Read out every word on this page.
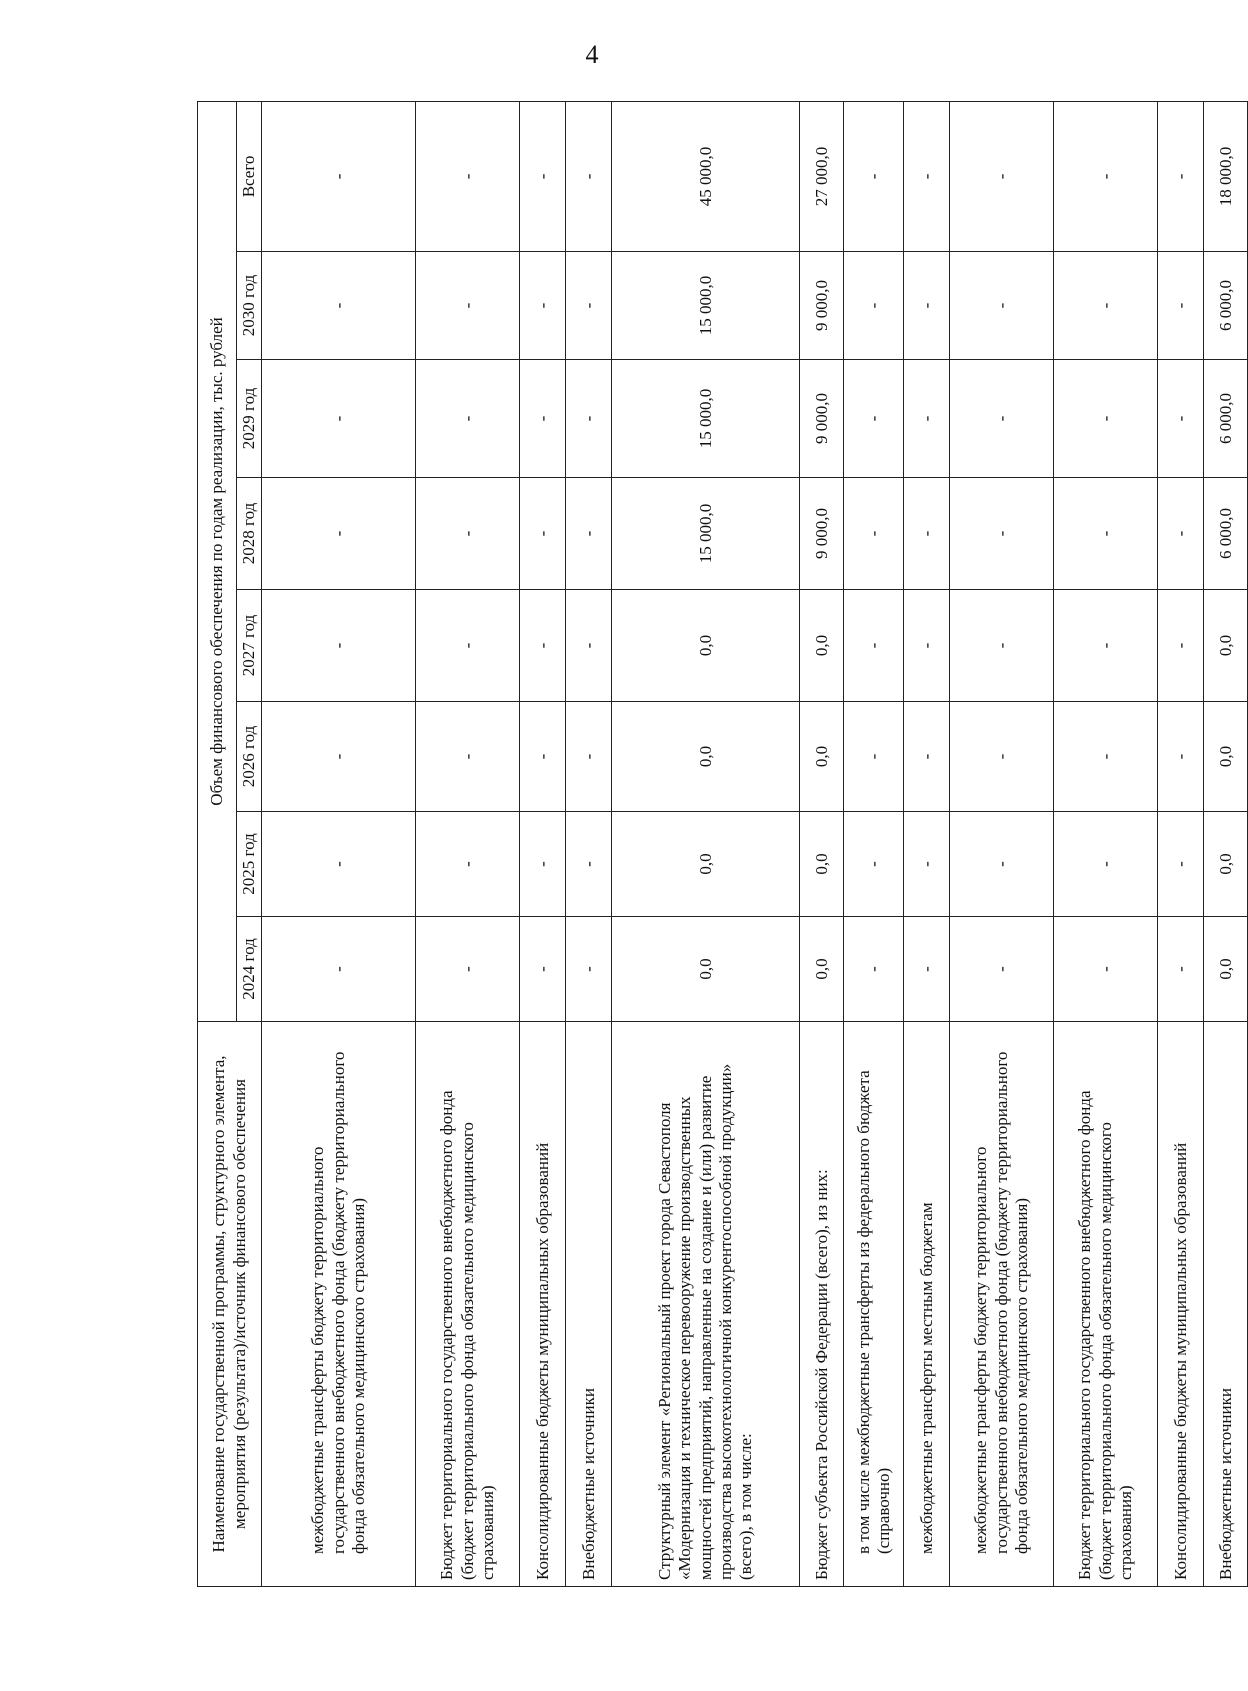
4
Наименование государственной программы, структурного элемента, мероприятия (результата)/источник финансового обеспечения	Объем финансового обеспечения по годам реализации, тыс. рублей							
	2024 год	2025 год	2026 год	2027 год	2028 год	2029 год	2030 год	Всего
межбюджетные трансферты бюджету территориального государственного внебюджетного фонда (бюджету территориального фонда обязательного медицинского страхования)	-	-	-	-	-	-	-	-
Бюджет территориального государственного внебюджетного фонда (бюджет территориального фонда обязательного медицинского страхования)	-	-	-	-	-	-	-	-
Консолидированные бюджеты муниципальных образований	-	-	-	-	-	-	-	-
Внебюджетные источники	-	-	-	-	-	-	-	-
Структурный элемент «Региональный проект города Севастополя «Модернизация и техническое перевооружение производственных мощностей предприятий, направленные на создание и (или) развитие производства высокотехнологичной конкурентоспособной продукции» (всего), в том числе:	0,0	0,0	0,0	0,0	15 000,0	15 000,0	15 000,0	45 000,0
Бюджет субъекта Российской Федерации (всего), из них:	0,0	0,0	0,0	0,0	9 000,0	9 000,0	9 000,0	27 000,0
в том числе межбюджетные трансферты из федерального бюджета (справочно)	-	-	-	-	-	-	-	-
межбюджетные трансферты местным бюджетам	-	-	-	-	-	-	-	-
межбюджетные трансферты бюджету территориального государственного внебюджетного фонда (бюджету территориального фонда обязательного медицинского страхования)	-	-	-	-	-	-	-	-
Бюджет территориального государственного внебюджетного фонда (бюджет территориального фонда обязательного медицинского страхования)	-	-	-	-	-	-	-	-
Консолидированные бюджеты муниципальных образований	-	-	-	-	-	-	-	-
Внебюджетные источники	0,0	0,0	0,0	0,0	6 000,0	6 000,0	6 000,0	18 000,0
